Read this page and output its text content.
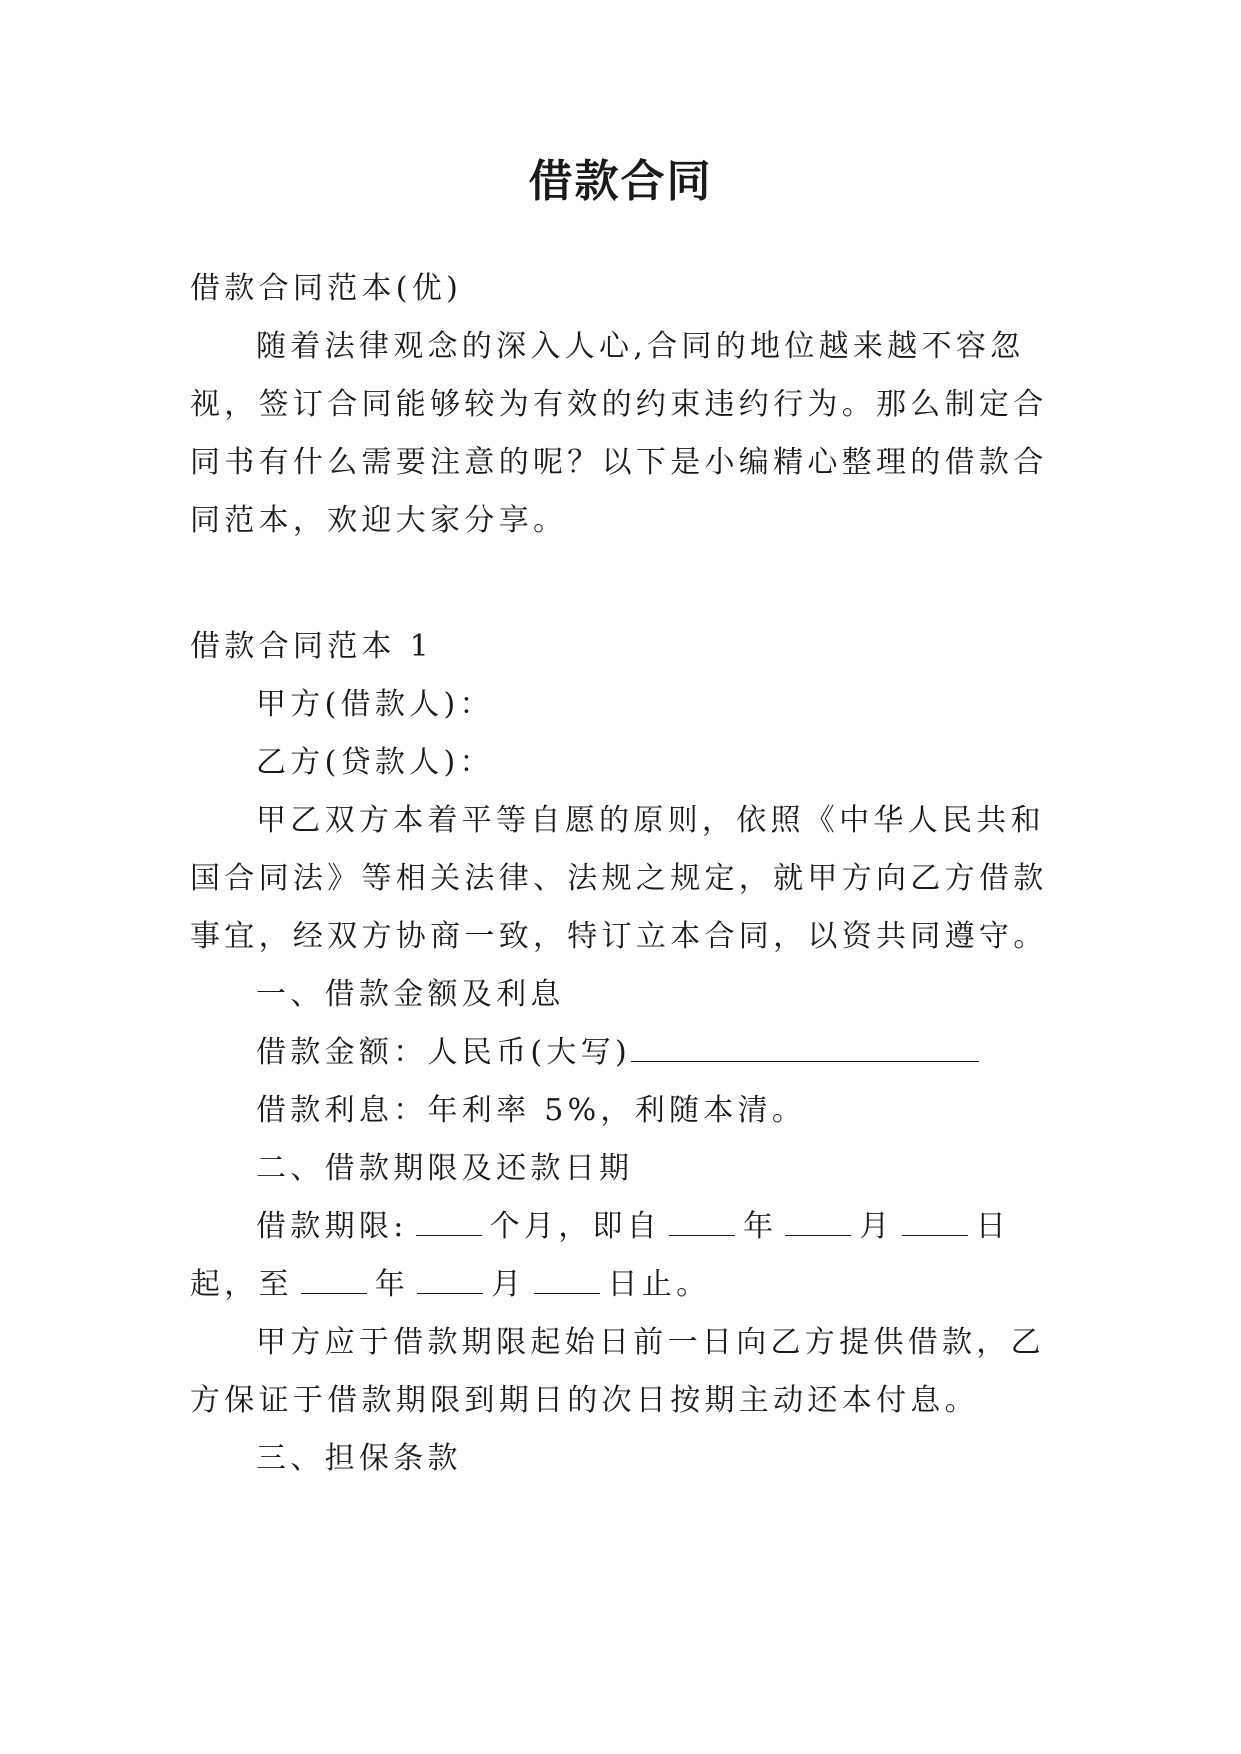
借款合同

借款合同范本(优)

随着法律观念的深入人心,合同的地位越来越不容忽视，签订合同能够较为有效的约束违约行为。那么制定合同书有什么需要注意的呢？以下是小编精心整理的借款合同范本，欢迎大家分享。

借款合同范本 1

甲方(借款人)：

乙方(贷款人)：

甲乙双方本着平等自愿的原则，依照《中华人民共和国合同法》等相关法律、法规之规定，就甲方向乙方借款事宜，经双方协商一致，特订立本合同，以资共同遵守。

一、借款金额及利息

借款金额：人民币(大写)

借款利息：年利率 5%，利随本清。

二、借款期限及还款日期

借款期限:	个月，即自	年	月	日起，至	年	月	日止。

甲方应于借款期限起始日前一日向乙方提供借款，乙方保证于借款期限到期日的次日按期主动还本付息。

三、担保条款
